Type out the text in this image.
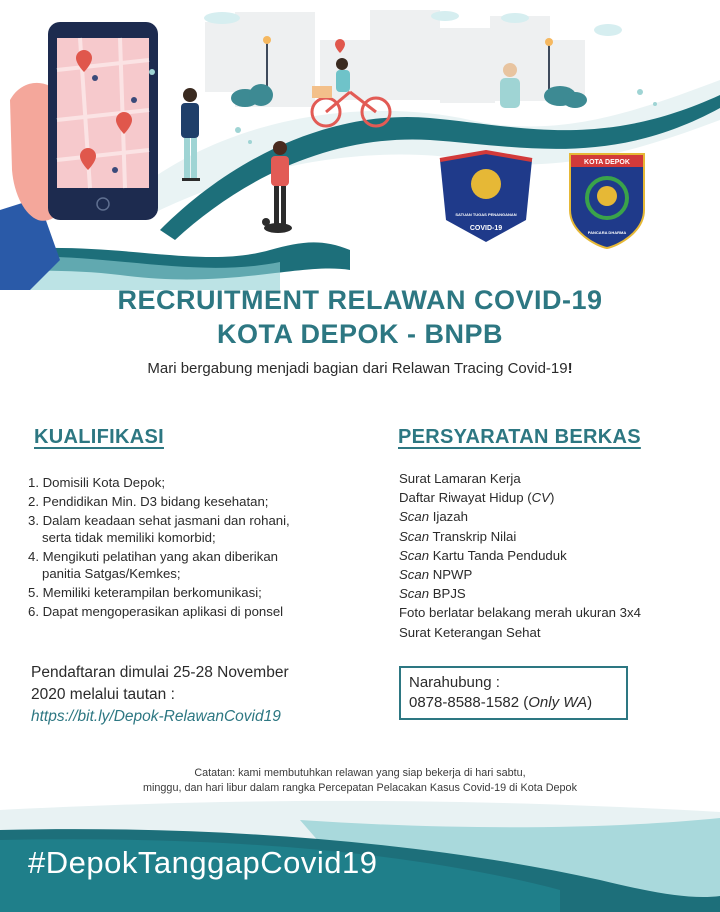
SATUAN TUGAS PENANGANAN
COVID-19
KOTA DEPOK
PANCARA DHARMA
RECRUITMENT RELAWAN COVID-19
KOTA DEPOK - BNPB
Mari bergabung menjadi bagian dari Relawan Tracing Covid-19!
KUALIFIKASI
1. Domisili Kota Depok;
2. Pendidikan Min. D3 bidang kesehatan;
3. Dalam keadaan sehat jasmani dan rohani,
serta tidak memiliki komorbid;
4. Mengikuti pelatihan yang akan diberikan
panitia Satgas/Kemkes;
5. Memiliki keterampilan berkomunikasi;
6. Dapat mengoperasikan aplikasi di ponsel
PERSYARATAN BERKAS
Surat Lamaran Kerja
Daftar Riwayat Hidup (CV)
Scan Ijazah
Scan Transkrip Nilai
Scan Kartu Tanda Penduduk
Scan NPWP
Scan BPJS
Foto berlatar belakang merah ukuran 3x4
Surat Keterangan Sehat
Pendaftaran dimulai 25-28 November
2020 melalui tautan :
https://bit.ly/Depok-RelawanCovid19
Narahubung :
0878-8588-1582 (Only WA)
Catatan: kami membutuhkan relawan yang siap bekerja di hari sabtu,
minggu, dan hari libur dalam rangka Percepatan Pelacakan Kasus Covid-19 di Kota Depok
#DepokTanggapCovid19
